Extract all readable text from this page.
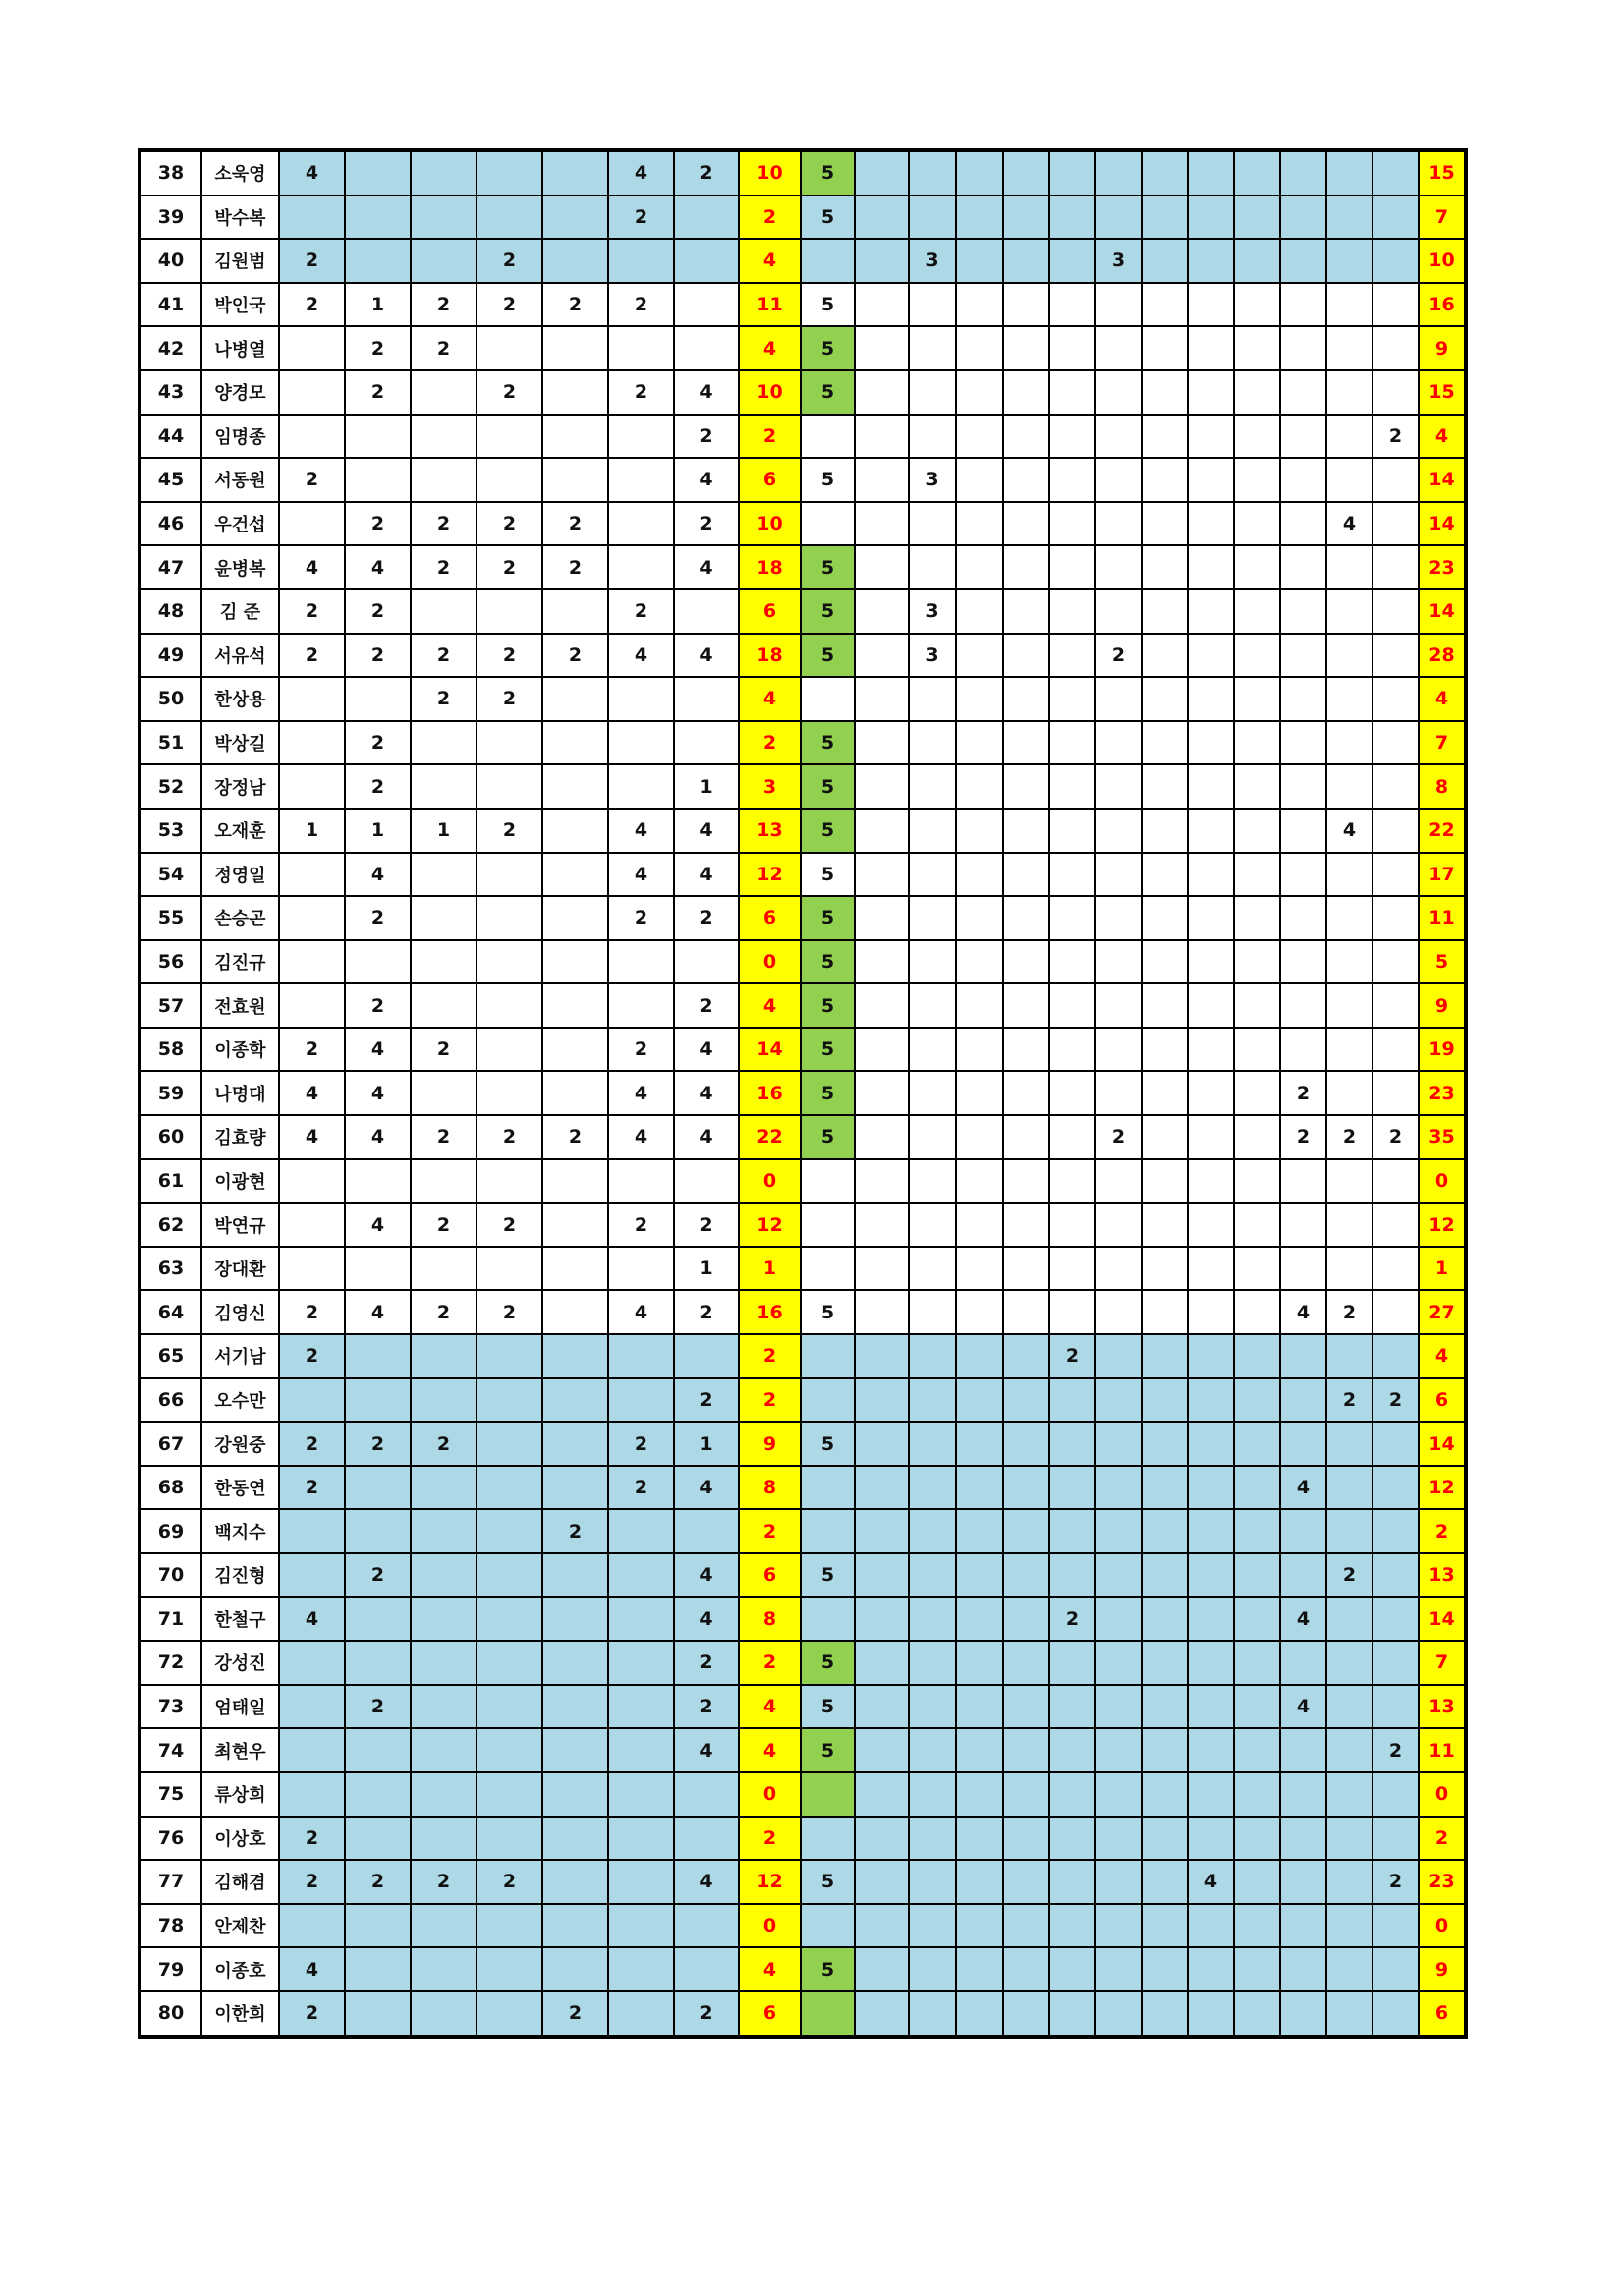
38	소욱영	4					4	2	10	5													15
39	박수복						2		2	5													7
40	김원범	2			2				4			3				3							10
41	박인국	2	1	2	2	2	2		11	5													16
42	나병열		2	2					4	5													9
43	양경모		2		2		2	4	10	5													15
44	임명종							2	2													2	4
45	서동원	2						4	6	5		3											14
46	우건섭		2	2	2	2		2	10												4		14
47	윤병복	4	4	2	2	2		4	18	5													23
48	김 준	2	2				2		6	5		3											14
49	서유석	2	2	2	2	2	4	4	18	5		3				2							28
50	한상용			2	2				4														4
51	박상길		2						2	5													7
52	장정남		2					1	3	5													8
53	오재훈	1	1	1	2		4	4	13	5											4		22
54	정영일		4				4	4	12	5													17
55	손승곤		2				2	2	6	5													11
56	김진규								0	5													5
57	전효원		2					2	4	5													9
58	이종학	2	4	2			2	4	14	5													19
59	나명대	4	4				4	4	16	5										2			23
60	김효량	4	4	2	2	2	4	4	22	5						2				2	2	2	35
61	이광현								0														0
62	박연규		4	2	2		2	2	12														12
63	장대환							1	1														1
64	김영신	2	4	2	2		4	2	16	5										4	2		27
65	서기남	2							2						2								4
66	오수만							2	2												2	2	6
67	강원중	2	2	2			2	1	9	5													14
68	한동연	2					2	4	8											4			12
69	백지수					2			2														2
70	김진형		2					4	6	5											2		13
71	한철구	4						4	8						2					4			14
72	강성진							2	2	5													7
73	엄태일		2					2	4	5										4			13
74	최현우							4	4	5												2	11
75	류상희								0														0
76	이상호	2							2														2
77	김해겸	2	2	2	2			4	12	5								4				2	23
78	안제찬								0														0
79	이종호	4							4	5													9
80	이한희	2				2		2	6														6
